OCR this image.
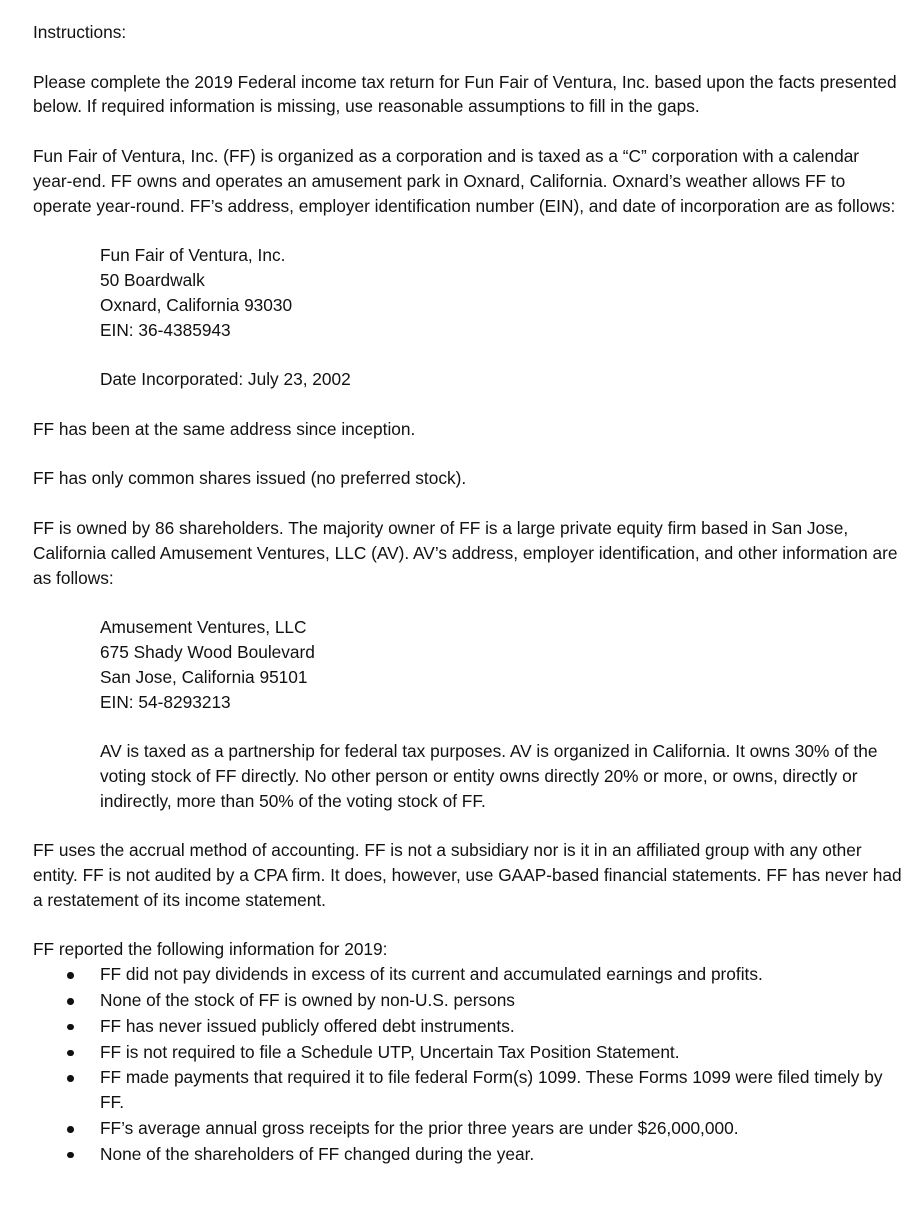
Instructions:

Please complete the 2019 Federal income tax return for Fun Fair of Ventura, Inc. based upon the facts presented below. If required information is missing, use reasonable assumptions to fill in the gaps.

Fun Fair of Ventura, Inc. (FF) is organized as a corporation and is taxed as a “C” corporation with a calendar year-end. FF owns and operates an amusement park in Oxnard, California. Oxnard’s weather allows FF to operate year-round. FF’s address, employer identification number (EIN), and date of incorporation are as follows:

Fun Fair of Ventura, Inc.

50 Boardwalk

Oxnard, California 93030

EIN: 36-4385943

Date Incorporated: July 23, 2002

FF has been at the same address since inception.

FF has only common shares issued (no preferred stock).

FF is owned by 86 shareholders. The majority owner of FF is a large private equity firm based in San Jose, California called Amusement Ventures, LLC (AV). AV’s address, employer identification, and other information are as follows:

Amusement Ventures, LLC

675 Shady Wood Boulevard

San Jose, California 95101

EIN: 54-8293213

AV is taxed as a partnership for federal tax purposes. AV is organized in California. It owns 30% of the voting stock of FF directly. No other person or entity owns directly 20% or more, or owns, directly or indirectly, more than 50% of the voting stock of FF.

FF uses the accrual method of accounting. FF is not a subsidiary nor is it in an affiliated group with any other entity. FF is not audited by a CPA firm. It does, however, use GAAP-based financial statements. FF has never had a restatement of its income statement.

FF reported the following information for 2019:

FF did not pay dividends in excess of its current and accumulated earnings and profits.
None of the stock of FF is owned by non-U.S. persons
FF has never issued publicly offered debt instruments.
FF is not required to file a Schedule UTP, Uncertain Tax Position Statement.
FF made payments that required it to file federal Form(s) 1099. These Forms 1099 were filed timely by FF.
FF’s average annual gross receipts for the prior three years are under $26,000,000.
None of the shareholders of FF changed during the year.
